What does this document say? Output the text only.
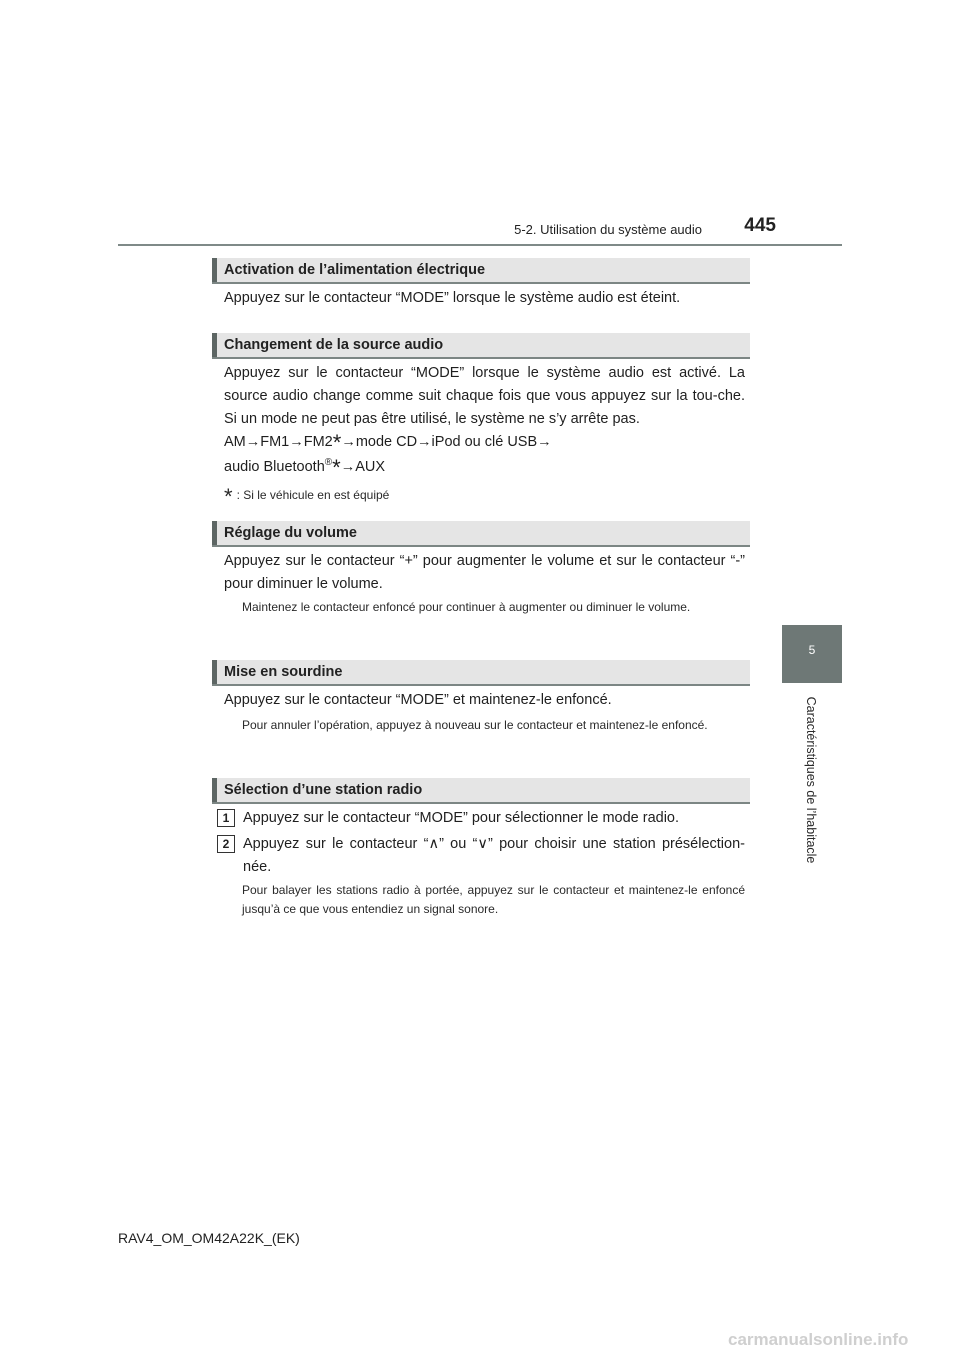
5-2. Utilisation du système audio	445
5
Caractéristiques de l’habitacle
Activation de l’alimentation électrique

Appuyez sur le contacteur “MODE” lorsque le système audio est éteint.

Changement de la source audio

Appuyez sur le contacteur “MODE” lorsque le système audio est activé. La source audio change comme suit chaque fois que vous appuyez sur la tou-che. Si un mode ne peut pas être utilisé, le système ne s’y arrête pas.

AM→FM1→FM2*→mode CD→iPod ou clé USB→

audio Bluetooth®*→AUX

* : Si le véhicule en est équipé
Réglage du volume

Appuyez sur le contacteur “+” pour augmenter le volume et sur le contacteur “-” pour diminuer le volume.

Maintenez le contacteur enfoncé pour continuer à augmenter ou diminuer le volume.

Mise en sourdine

Appuyez sur le contacteur “MODE” et maintenez-le enfoncé.

Pour annuler l’opération, appuyez à nouveau sur le contacteur et maintenez-le enfoncé.

Sélection d’une station radio
1 Appuyez sur le contacteur “MODE” pour sélectionner le mode radio.

2 Appuyez sur le contacteur “∧” ou “∨” pour choisir une station présélection-née.

Pour balayer les stations radio à portée, appuyez sur le contacteur et maintenez-le enfoncé jusqu’à ce que vous entendiez un signal sonore.

RAV4_OM_OM42A22K_(EK)
carmanualsonline.info
